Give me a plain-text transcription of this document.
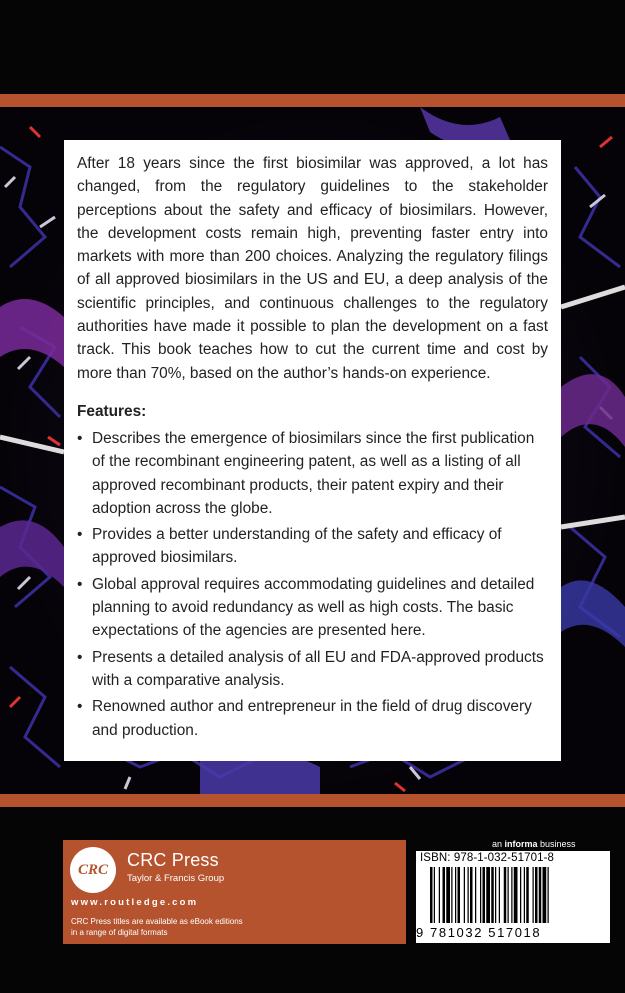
After 18 years since the first biosimilar was approved, a lot has changed, from the regulatory guidelines to the stakeholder perceptions about the safety and efficacy of biosimilars. However, the development costs remain high, preventing faster entry into markets with more than 200 choices. Analyzing the regulatory filings of all approved biosimilars in the US and EU, a deep analysis of the scientific principles, and continuous challenges to the regulatory authorities have made it possible to plan the development on a fast track. This book teaches how to cut the current time and cost by more than 70%, based on the author’s hands-on experience.

Features:
• Describes the emergence of biosimilars since the first publication of the recombinant engineering patent, as well as a listing of all approved recombinant products, their patent expiry and their adoption across the globe.
• Provides a better understanding of the safety and efficacy of approved biosimilars.
• Global approval requires accommodating guidelines and detailed planning to avoid redundancy as well as high costs. The basic expectations of the agencies are presented here.
• Presents a detailed analysis of all EU and FDA-approved products with a comparative analysis.
• Renowned author and entrepreneur in the field of drug discovery and production.
CRC	CRC Press
Taylor & Francis Group
www.routledge.com
CRC Press titles are available as eBook editions
in a range of digital formats
an informa business
ISBN: 978-1-032-51701-8
9 781032 517018
